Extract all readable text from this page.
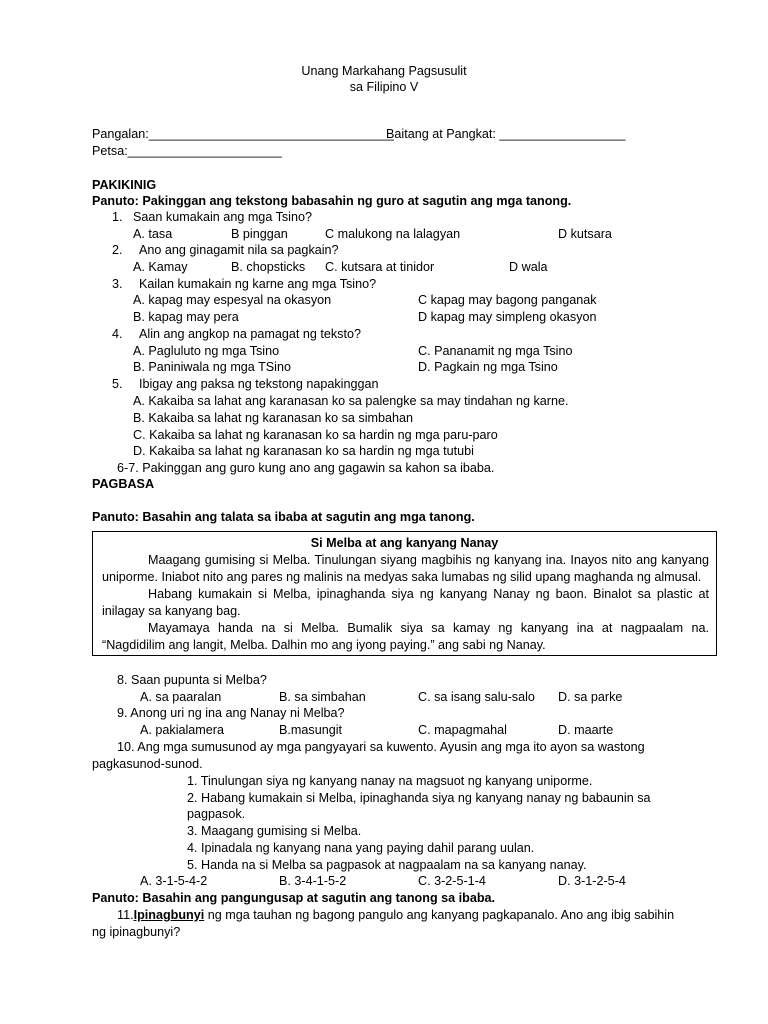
Unang Markahang Pagsusulit
sa Filipino V
Pangalan:___________________________________
Baitang at Pangkat: __________________
Petsa:______________________
PAKIKINIG
Panuto: Pakinggan ang tekstong babasahin ng guro at sagutin ang mga tanong.
1. Saan kumakain ang mga Tsino?
A. tasa	B pinggan	C malukong na lalagyan	D kutsara
2. Ano ang ginagamit nila sa pagkain?
A. Kamay	B. chopsticks C. kutsara at tinidor	D wala
3. Kailan kumakain ng karne ang mga Tsino?
A. kapag may espesyal na okasyon	C kapag may bagong panganak
B. kapag may pera	D kapag may simpleng okasyon
4. Alin ang angkop na pamagat ng teksto?
A. Pagluluto ng mga Tsino	C. Pananamit ng mga Tsino
B. Paniniwala ng mga TSino	D. Pagkain ng mga Tsino
5. Ibigay ang paksa ng tekstong napakinggan
A. Kakaiba sa lahat ang karanasan ko sa palengke sa may tindahan ng karne.
B. Kakaiba sa lahat ng karanasan ko sa simbahan
C. Kakaiba sa lahat ng karanasan ko sa hardin ng mga paru-paro
D. Kakaiba sa lahat ng karanasan ko sa hardin ng mga tutubi
6-7. Pakinggan ang guro kung ano ang gagawin sa kahon sa ibaba.
PAGBASA
Panuto: Basahin ang talata sa ibaba at sagutin ang mga tanong.
Si Melba at ang kanyang Nanay
Maagang gumising si Melba. Tinulungan siyang magbihis ng kanyang ina. Inayos nito ang kanyang
uniporme. Iniabot nito ang pares ng malinis na medyas saka lumabas ng silid upang maghanda ng almusal.
Habang kumakain si Melba, ipinaghanda siya ng kanyang Nanay ng baon. Binalot sa plastic at
inilagay sa kanyang bag.
Mayamaya handa na si Melba. Bumalik siya sa kamay ng kanyang ina at nagpaalam na.
“Nagdidilim ang langit, Melba. Dalhin mo ang iyong paying.” ang sabi ng Nanay.
8. Saan pupunta si Melba?
A. sa paaralan	B. sa simbahan	C. sa isang salu-salo D. sa parke
9. Anong uri ng ina ang Nanay ni Melba?
A. pakialamera	B.masungit	C. mapagmahal	D. maarte
10. Ang mga sumusunod ay mga pangyayari sa kuwento. Ayusin ang mga ito ayon sa wastong
pagkasunod-sunod.
1. Tinulungan siya ng kanyang nanay na magsuot ng kanyang uniporme.
2. Habang kumakain si Melba, ipinaghanda siya ng kanyang nanay ng babaunin sa
pagpasok.
3. Maagang gumising si Melba.
4. Ipinadala ng kanyang nana yang paying dahil parang uulan.
5. Handa na si Melba sa pagpasok at nagpaalam na sa kanyang nanay.
A. 3-1-5-4-2	B. 3-4-1-5-2	C. 3-2-5-1-4	D. 3-1-2-5-4
Panuto: Basahin ang pangungusap at sagutin ang tanong sa ibaba.
11.Ipinagbunyi ng mga tauhan ng bagong pangulo ang kanyang pagkapanalo. Ano ang ibig sabihin
ng ipinagbunyi?
